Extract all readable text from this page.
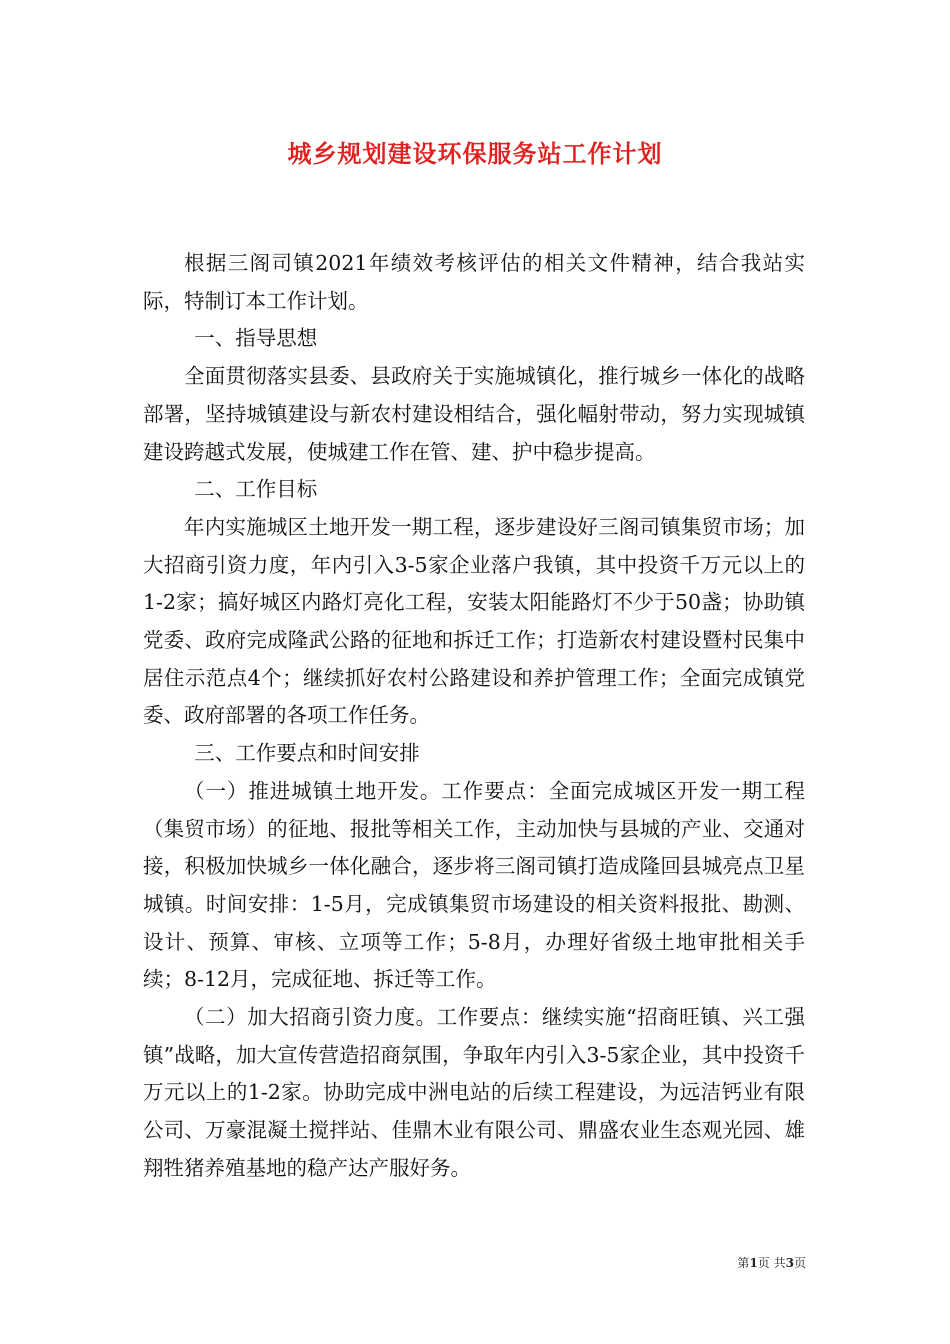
城乡规划建设环保服务站工作计划

根据三阁司镇2021年绩效考核评估的相关文件精神，结合我站实际，特制订本工作计划。

一、指导思想

全面贯彻落实县委、县政府关于实施城镇化，推行城乡一体化的战略部署，坚持城镇建设与新农村建设相结合，强化幅射带动，努力实现城镇建设跨越式发展，使城建工作在管、建、护中稳步提高。

二、工作目标

年内实施城区土地开发一期工程，逐步建设好三阁司镇集贸市场；加大招商引资力度，年内引入3-5家企业落户我镇，其中投资千万元以上的1-2家；搞好城区内路灯亮化工程，安装太阳能路灯不少于50盏；协助镇党委、政府完成隆武公路的征地和拆迁工作；打造新农村建设暨村民集中居住示范点4个；继续抓好农村公路建设和养护管理工作；全面完成镇党委、政府部署的各项工作任务。

三、工作要点和时间安排

（一）推进城镇土地开发。工作要点：全面完成城区开发一期工程（集贸市场）的征地、报批等相关工作，主动加快与县城的产业、交通对接，积极加快城乡一体化融合，逐步将三阁司镇打造成隆回县城亮点卫星城镇。时间安排：1-5月，完成镇集贸市场建设的相关资料报批、勘测、设计、预算、审核、立项等工作；5-8月，办理好省级土地审批相关手续；8-12月，完成征地、拆迁等工作。

（二）加大招商引资力度。工作要点：继续实施“招商旺镇、兴工强镇”战略，加大宣传营造招商氛围，争取年内引入3-5家企业，其中投资千万元以上的1-2家。协助完成中洲电站的后续工程建设，为远洁钙业有限公司、万豪混凝土搅拌站、佳鼎木业有限公司、鼎盛农业生态观光园、雄翔牲猪养殖基地的稳产达产服好务。

第1页 共3页
